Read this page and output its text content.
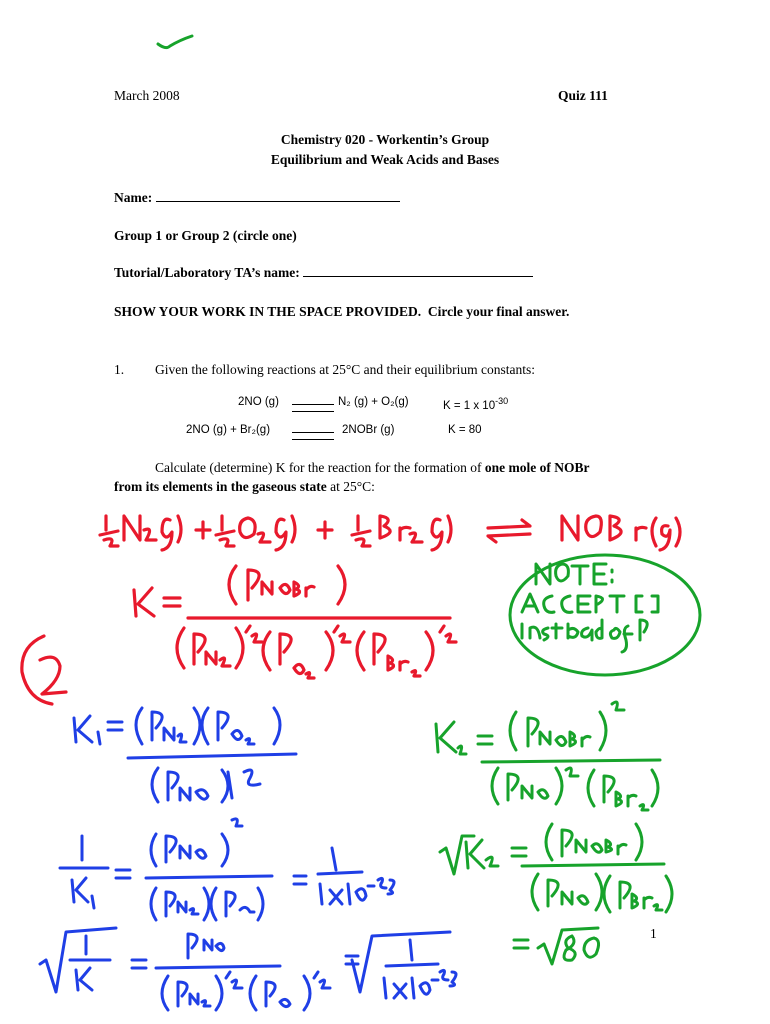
March 2008	Quiz 111
Chemistry 020 - Workentin’s Group
Equilibrium and Weak Acids and Bases
Name:
Group 1 or Group 2 (circle one)
Tutorial/Laboratory TA’s name:
SHOW YOUR WORK IN THE SPACE PROVIDED. Circle your final answer.
1. Given the following reactions at 25°C and their equilibrium constants:
2NO (g)	N₂ (g) + O₂(g)	K = 1 x $10^{-30}$
2NO (g) + Br₂(g)	2NOBr (g)	K = 80
Calculate (determine) K for the reaction for the formation of one mole of NOBr
from its elements in the gaseous state at 25°C:
1
